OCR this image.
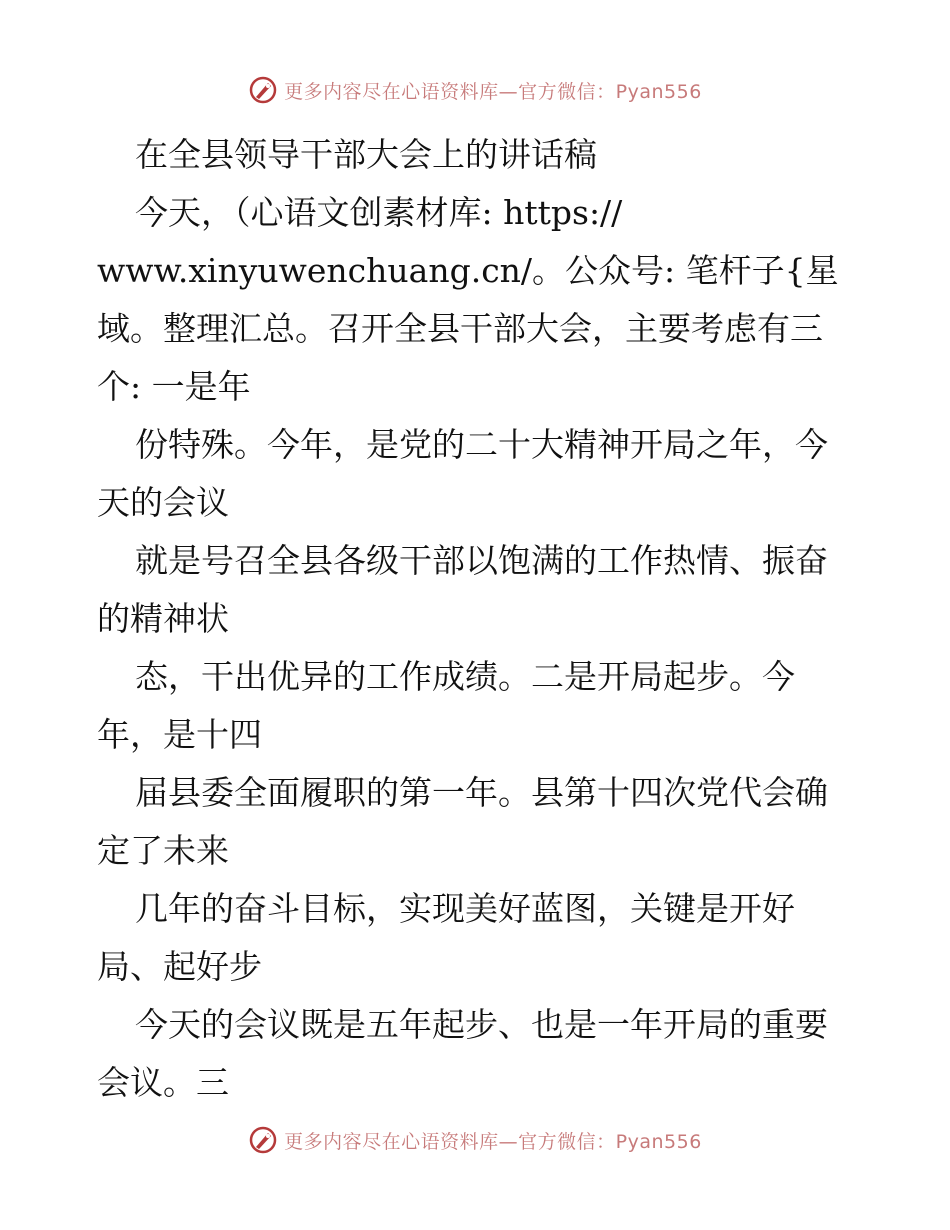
更多内容尽在心语资料库—官方微信：Pyan556
在全县领导干部大会上的讲话稿
今天，（心语文创素材库: https://
www.xinyuwenchuang.cn/。公众号: 笔杆子{星
域。整理汇总。召开全县干部大会，主要考虑有三
个: 一是年
份特殊。今年，是党的二十大精神开局之年，今
天的会议
就是号召全县各级干部以饱满的工作热情、振奋
的精神状
态，干出优异的工作成绩。二是开局起步。今
年，是十四
届县委全面履职的第一年。县第十四次党代会确
定了未来
几年的奋斗目标，实现美好蓝图，关键是开好
局、起好步
今天的会议既是五年起步、也是一年开局的重要
会议。三
更多内容尽在心语资料库—官方微信：Pyan556
